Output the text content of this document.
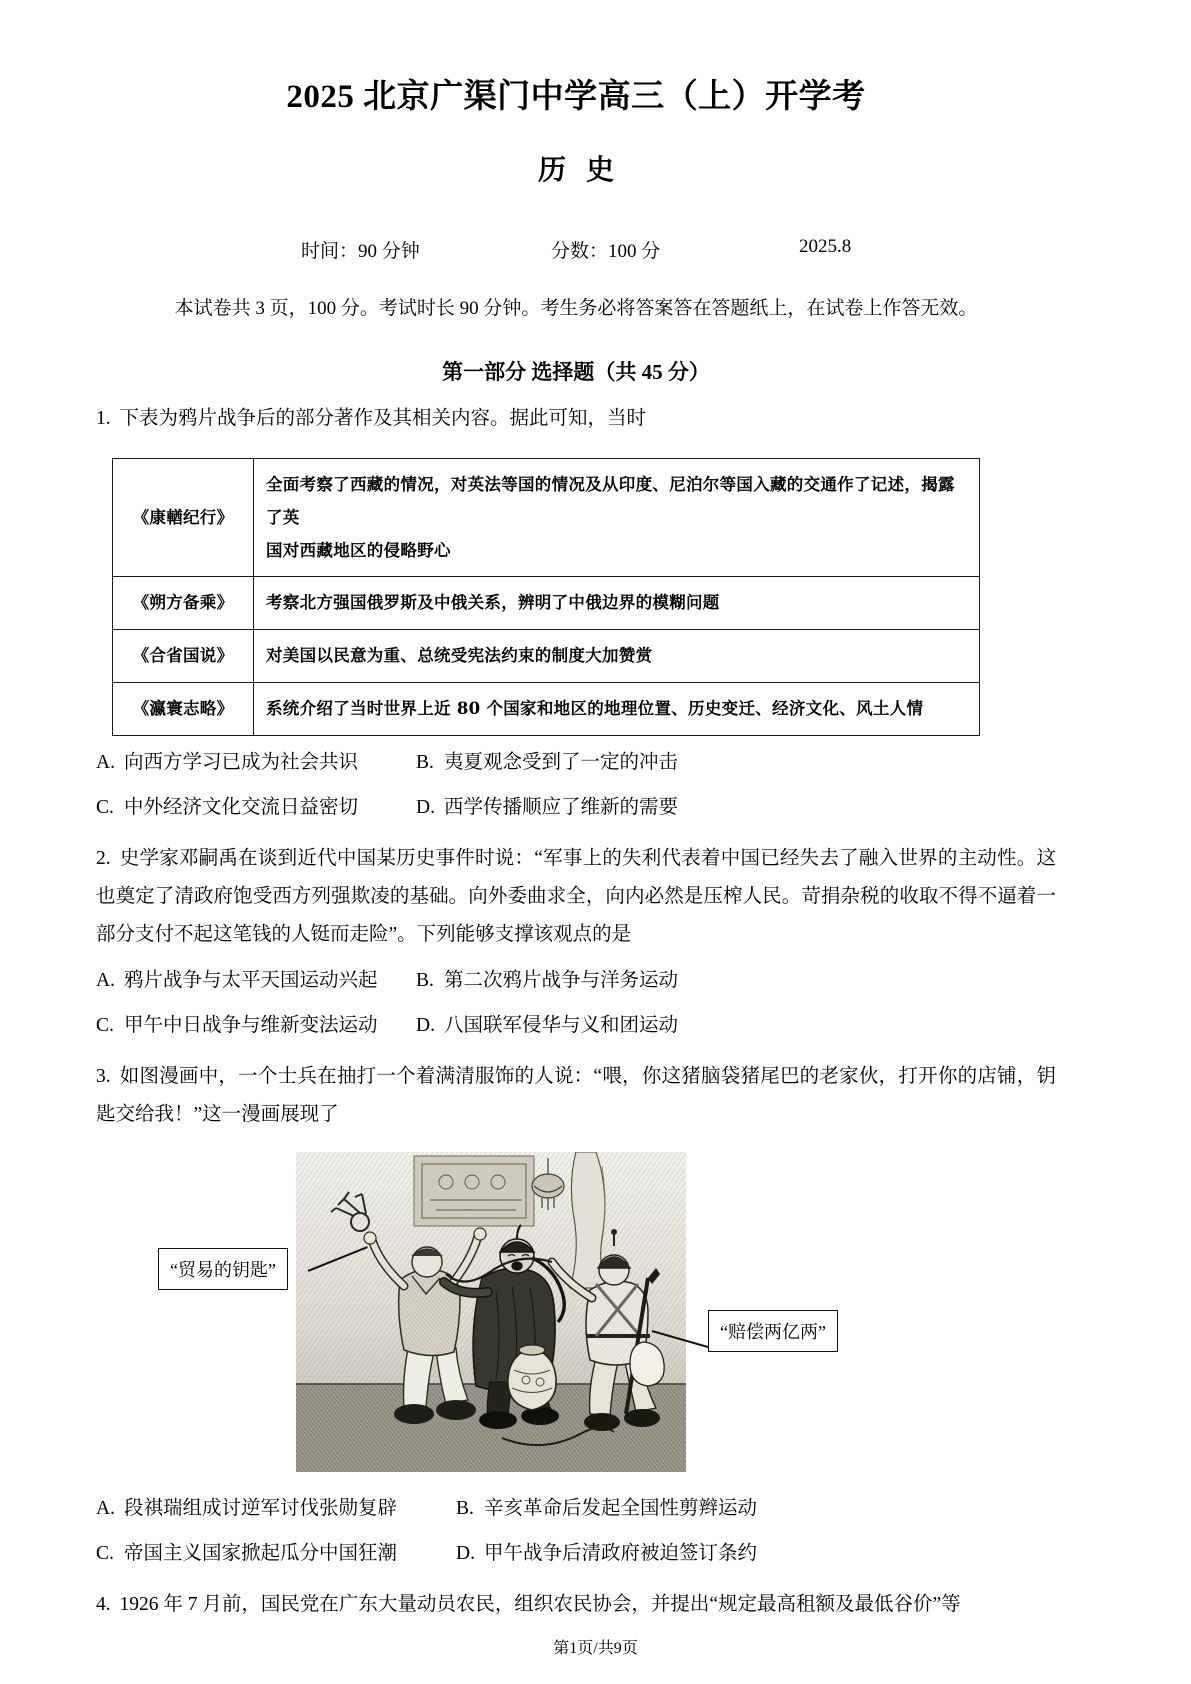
2025 北京广渠门中学高三（上）开学考
历史
时间：90 分钟	分数：100 分	2025.8
本试卷共 3 页，100 分。考试时长 90 分钟。考生务必将答案答在答题纸上，在试卷上作答无效。
第一部分 选择题（共 45 分）
1. 下表为鸦片战争后的部分著作及其相关内容。据此可知，当时
《康輶纪行》	全面考察了西藏的情况，对英法等国的情况及从印度、尼泊尔等国入藏的交通作了记述，揭露了英
国对西藏地区的侵略野心

《朔方备乘》	考察北方强国俄罗斯及中俄关系，辨明了中俄边界的模糊问题
《合省国说》	对美国以民意为重、总统受宪法约束的制度大加赞赏
《瀛寰志略》	系统介绍了当时世界上近 80 个国家和地区的地理位置、历史变迁、经济文化、风土人情
A. 向西方学习已成为社会共识	B. 夷夏观念受到了一定的冲击
C. 中外经济文化交流日益密切	D. 西学传播顺应了维新的需要
2. 史学家邓嗣禹在谈到近代中国某历史事件时说：“军事上的失利代表着中国已经失去了融入世界的主动性。这也奠定了清政府饱受西方列强欺凌的基础。向外委曲求全，向内必然是压榨人民。苛捐杂税的收取不得不逼着一部分支付不起这笔钱的人铤而走险”。下列能够支撑该观点的是
A. 鸦片战争与太平天国运动兴起 B. 第二次鸦片战争与洋务运动
C. 甲午中日战争与维新变法运动 D. 八国联军侵华与义和团运动
3. 如图漫画中，一个士兵在抽打一个着满清服饰的人说：“喂，你这猪脑袋猪尾巴的老家伙，打开你的店铺，钥匙交给我！”这一漫画展现了
“贸易的钥匙”
“赔偿两亿两”
A. 段祺瑞组成讨逆军讨伐张勋复辟	B. 辛亥革命后发起全国性剪辫运动
C. 帝国主义国家掀起瓜分中国狂潮	D. 甲午战争后清政府被迫签订条约
4. 1926 年 7 月前，国民党在广东大量动员农民，组织农民协会，并提出“规定最高租额及最低谷价”等
第1页/共9页
